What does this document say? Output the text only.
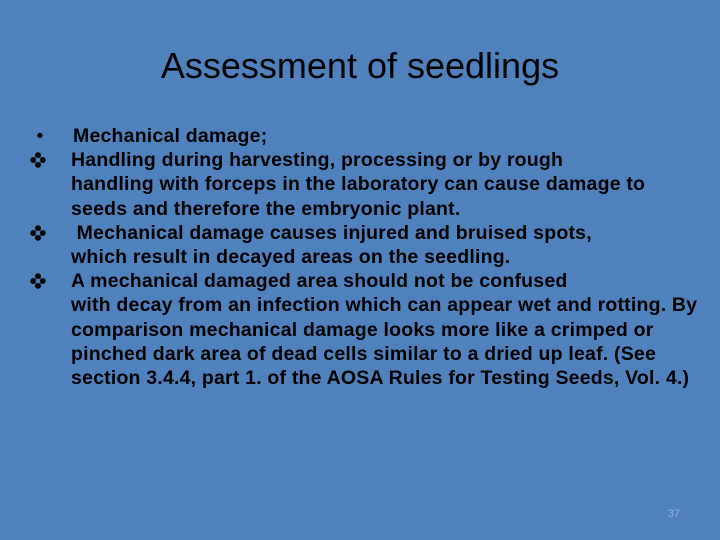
Assessment of seedlings
•	Mechanical damage;
Handling during harvesting, processing or by rough
handling with forceps in the laboratory can cause damage to seeds and therefore the embryonic plant.
Mechanical damage causes injured and bruised spots,
which result in decayed areas on the seedling.
A mechanical damaged area should not be confused
with decay from an infection which can appear wet and rotting. By comparison mechanical damage looks more like a crimped or pinched dark area of dead cells similar to a dried up leaf. (See section 3.4.4, part 1. of the AOSA Rules for Testing Seeds, Vol. 4.)
37
